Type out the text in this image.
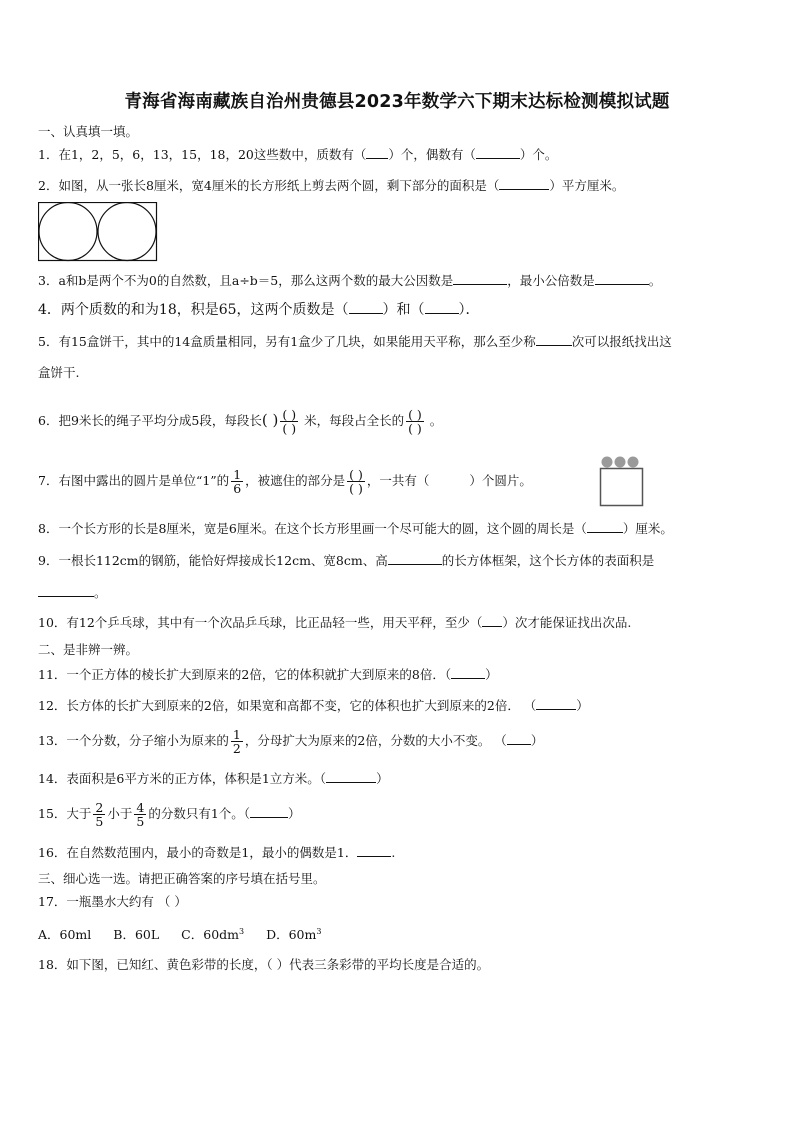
青海省海南藏族自治州贵德县2023年数学六下期末达标检测模拟试题
一、认真填一填。
1．在1，2，5，6，13，15，18，20这些数中，质数有（ ）个，偶数有（	）个。
2．如图，从一张长8厘米，宽4厘米的长方形纸上剪去两个圆，剩下部分的面积是（	）平方厘米。
3．a和b是两个不为0的自然数，且a÷b＝5，那么这两个数的最大公因数是	，最小公倍数是	。
4．两个质数的和为18，积是65，这两个质数是（ ）和（ ）．
5．有15盒饼干，其中的14盒质量相同，另有1盒少了几块，如果能用天平称，那么至少称	次可以报纸找出这
盒饼干.
6．把9米长的绳子平均分成5段，每段长( ) $\frac{( )}{( )}$ 米，每段占全长的 $\frac{( )}{( )}$ 。
7．右图中露出的圆片是单位“1”的 $\frac{1}{6}$ ，被遮住的部分是 $\frac{( )}{( )}$ ，一共有（	）个圆片。
8．一个长方形的长是8厘米，宽是6厘米。在这个长方形里画一个尽可能大的圆，这个圆的周长是（	）厘米。
9．一根长112cm的钢筋，能恰好焊接成长12cm、宽8cm、高	的长方体框架，这个长方体的表面积是
。
10．有12个乒乓球，其中有一个次品乒乓球，比正品轻一些，用天平秤，至少（ ）次才能保证找出次品.
二、是非辨一辨。
11．一个正方体的棱长扩大到原来的2倍，它的体积就扩大到原来的8倍．（	）
12．长方体的长扩大到原来的2倍，如果宽和高都不变，它的体积也扩大到原来的2倍． （	）
13．一个分数，分子缩小为原来的 $\frac{1}{2}$ ，分母扩大为原来的2倍，分数的大小不变。 （ ）
14．表面积是6平方米的正方体，体积是1立方米。（	）
15．大于 $\frac{2}{5}$ 小于 $\frac{4}{5}$ 的分数只有1个。（	）
16．在自然数范围内，最小的奇数是1，最小的偶数是1．	.
三、细心选一选。请把正确答案的序号填在括号里。
17．一瓶墨水大约有 （ ）
A．60ml B．60L C．$60dm^3$ D．$60m^3$
18．如下图，已知红、黄色彩带的长度，（ ）代表三条彩带的平均长度是合适的。
